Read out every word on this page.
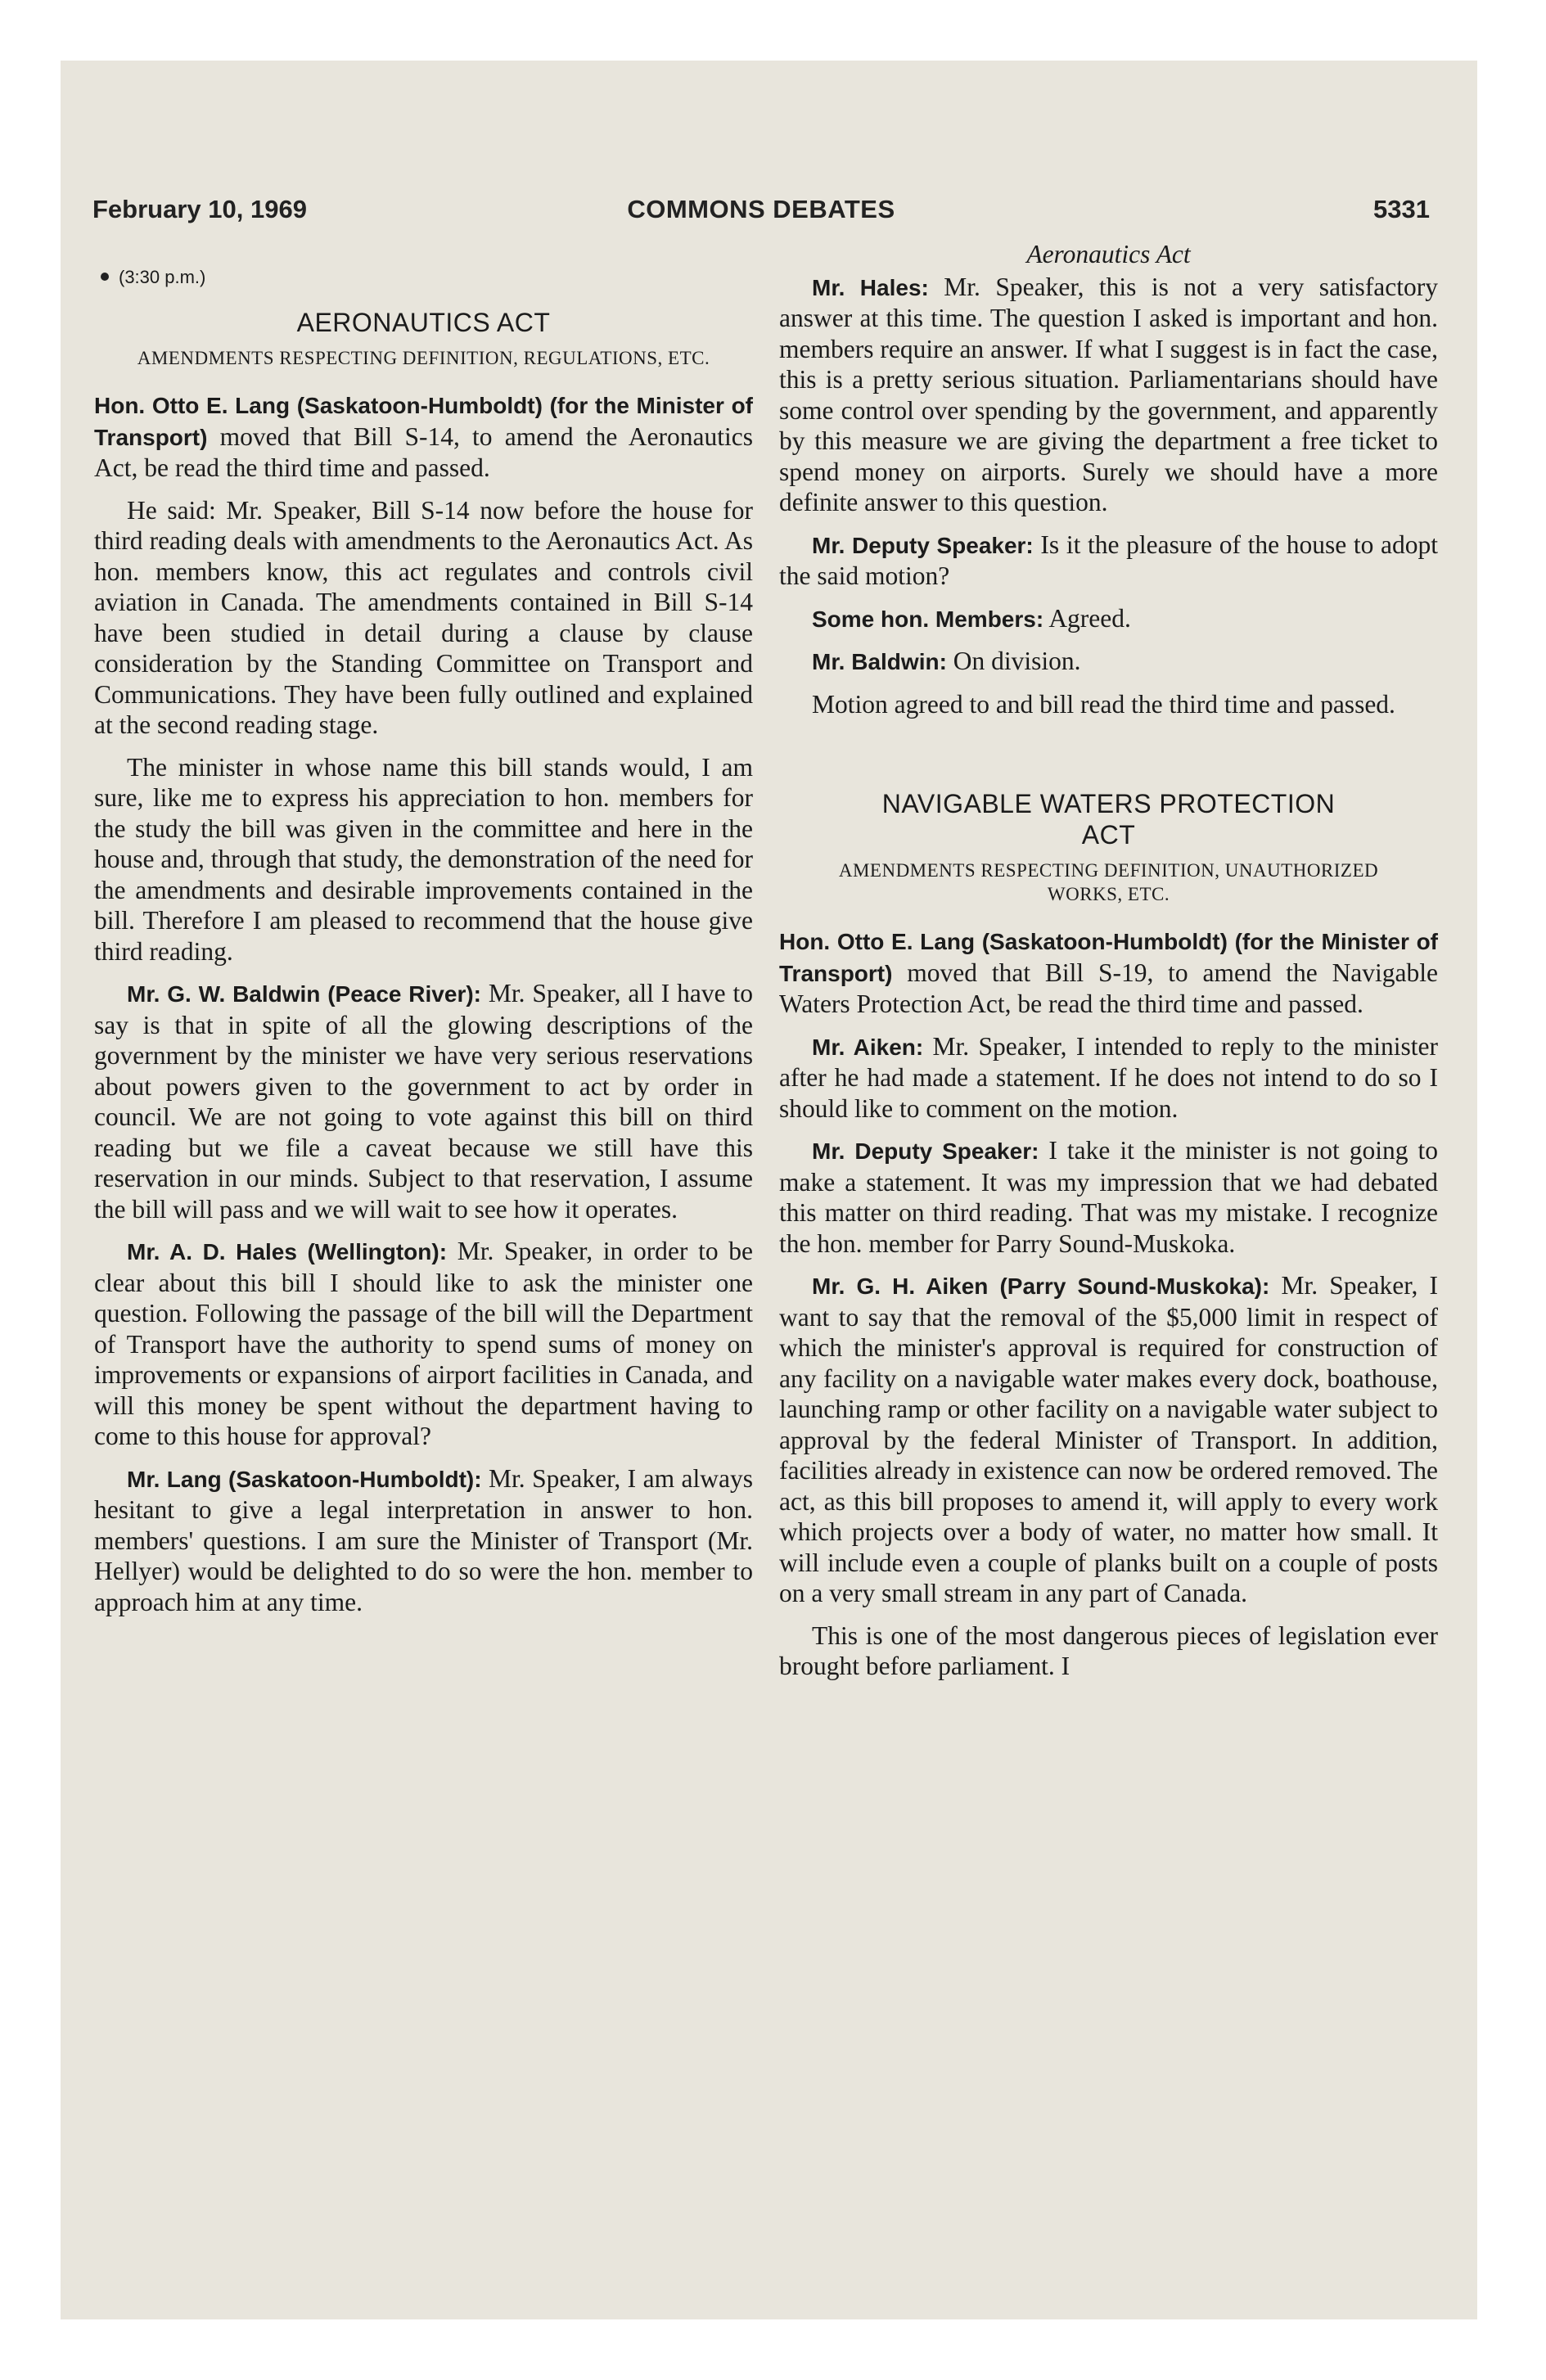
February 10, 1969	COMMONS DEBATES	5331
(3:30 p.m.)
AERONAUTICS ACT
AMENDMENTS RESPECTING DEFINITION, REGULATIONS, ETC.

Hon. Otto E. Lang (Saskatoon-Humboldt) (for the Minister of Transport) moved that Bill S-14, to amend the Aeronautics Act, be read the third time and passed.

He said: Mr. Speaker, Bill S-14 now before the house for third reading deals with amendments to the Aeronautics Act. As hon. members know, this act regulates and controls civil aviation in Canada. The amendments contained in Bill S-14 have been studied in detail during a clause by clause consideration by the Standing Committee on Transport and Communications. They have been fully outlined and explained at the second reading stage.

The minister in whose name this bill stands would, I am sure, like me to express his appreciation to hon. members for the study the bill was given in the committee and here in the house and, through that study, the demonstration of the need for the amendments and desirable improvements contained in the bill. Therefore I am pleased to recommend that the house give third reading.

Mr. G. W. Baldwin (Peace River): Mr. Speaker, all I have to say is that in spite of all the glowing descriptions of the government by the minister we have very serious reservations about powers given to the government to act by order in council. We are not going to vote against this bill on third reading but we file a caveat because we still have this reservation in our minds. Subject to that reservation, I assume the bill will pass and we will wait to see how it operates.

Mr. A. D. Hales (Wellington): Mr. Speaker, in order to be clear about this bill I should like to ask the minister one question. Following the passage of the bill will the Department of Transport have the authority to spend sums of money on improvements or expansions of airport facilities in Canada, and will this money be spent without the department having to come to this house for approval?

Mr. Lang (Saskatoon-Humboldt): Mr. Speaker, I am always hesitant to give a legal interpretation in answer to hon. members' questions. I am sure the Minister of Transport (Mr. Hellyer) would be delighted to do so were the hon. member to approach him at any time.

Aeronautics Act

Mr. Hales: Mr. Speaker, this is not a very satisfactory answer at this time. The question I asked is important and hon. members require an answer. If what I suggest is in fact the case, this is a pretty serious situation. Parliamentarians should have some control over spending by the government, and apparently by this measure we are giving the department a free ticket to spend money on airports. Surely we should have a more definite answer to this question.

Mr. Deputy Speaker: Is it the pleasure of the house to adopt the said motion?

Some hon. Members: Agreed.

Mr. Baldwin: On division.

Motion agreed to and bill read the third time and passed.

NAVIGABLE WATERS PROTECTION ACT
AMENDMENTS RESPECTING DEFINITION, UNAUTHORIZED WORKS, ETC.

Hon. Otto E. Lang (Saskatoon-Humboldt) (for the Minister of Transport) moved that Bill S-19, to amend the Navigable Waters Protection Act, be read the third time and passed.

Mr. Aiken: Mr. Speaker, I intended to reply to the minister after he had made a statement. If he does not intend to do so I should like to comment on the motion.

Mr. Deputy Speaker: I take it the minister is not going to make a statement. It was my impression that we had debated this matter on third reading. That was my mistake. I recognize the hon. member for Parry Sound-Muskoka.

Mr. G. H. Aiken (Parry Sound-Muskoka): Mr. Speaker, I want to say that the removal of the $5,000 limit in respect of which the minister's approval is required for construction of any facility on a navigable water makes every dock, boathouse, launching ramp or other facility on a navigable water subject to approval by the federal Minister of Transport. In addition, facilities already in existence can now be ordered removed. The act, as this bill proposes to amend it, will apply to every work which projects over a body of water, no matter how small. It will include even a couple of planks built on a couple of posts on a very small stream in any part of Canada.

This is one of the most dangerous pieces of legislation ever brought before parliament. I
